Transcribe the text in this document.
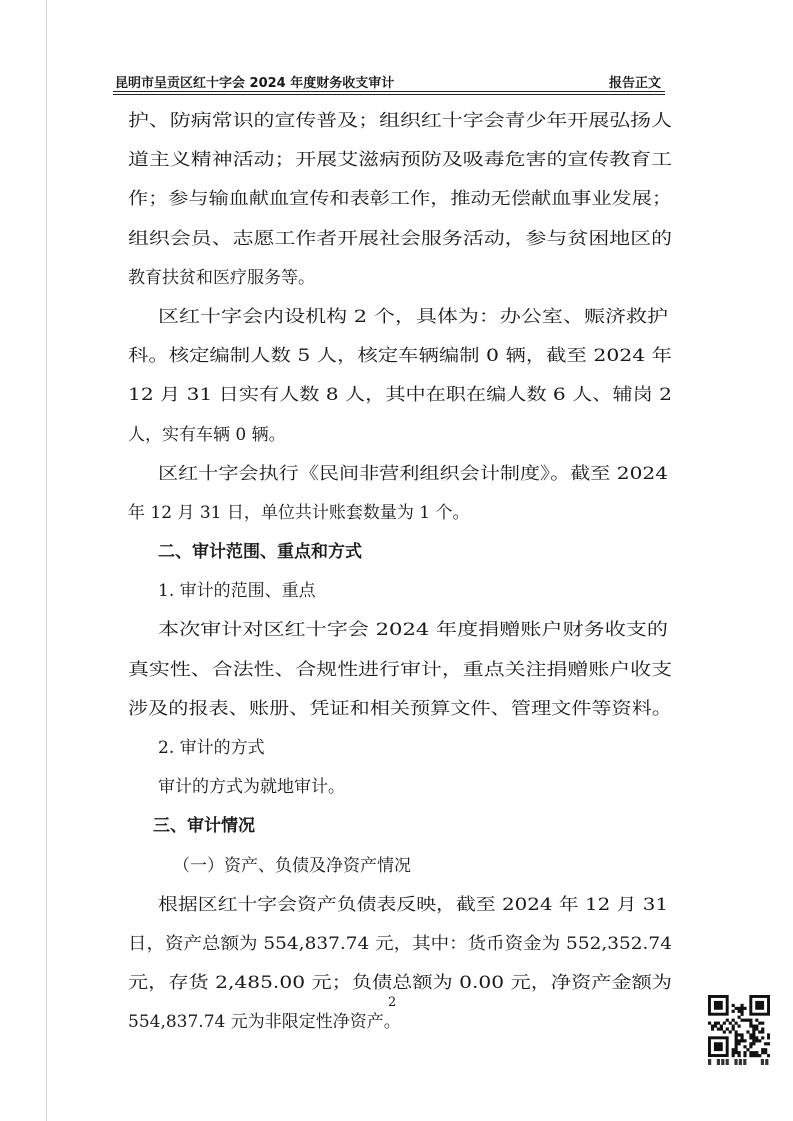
昆明市呈贡区红十字会 2024 年度财务收支审计	报告正文
护、防病常识的宣传普及；组织红十字会青少年开展弘扬人
道主义精神活动；开展艾滋病预防及吸毒危害的宣传教育工
作；参与输血献血宣传和表彰工作，推动无偿献血事业发展；
组织会员、志愿工作者开展社会服务活动，参与贫困地区的
教育扶贫和医疗服务等。
区红十字会内设机构 2 个，具体为：办公室、赈济救护
科。核定编制人数 5 人，核定车辆编制 0 辆，截至 2024 年
12 月 31 日实有人数 8 人，其中在职在编人数 6 人、辅岗 2
人，实有车辆 0 辆。
区红十字会执行《民间非营利组织会计制度》。截至 2024
年 12 月 31 日，单位共计账套数量为 1 个。
二、审计范围、重点和方式
1. 审计的范围、重点
本次审计对区红十字会 2024 年度捐赠账户财务收支的
真实性、合法性、合规性进行审计，重点关注捐赠账户收支
涉及的报表、账册、凭证和相关预算文件、管理文件等资料。
2. 审计的方式
审计的方式为就地审计。
三、审计情况
（一）资产、负债及净资产情况
根据区红十字会资产负债表反映，截至 2024 年 12 月 31
日，资产总额为 554,837.74 元，其中：货币资金为 552,352.74
元，存货 2,485.00 元；负债总额为 0.00 元，净资产金额为
554,837.74 元为非限定性净资产。
2
